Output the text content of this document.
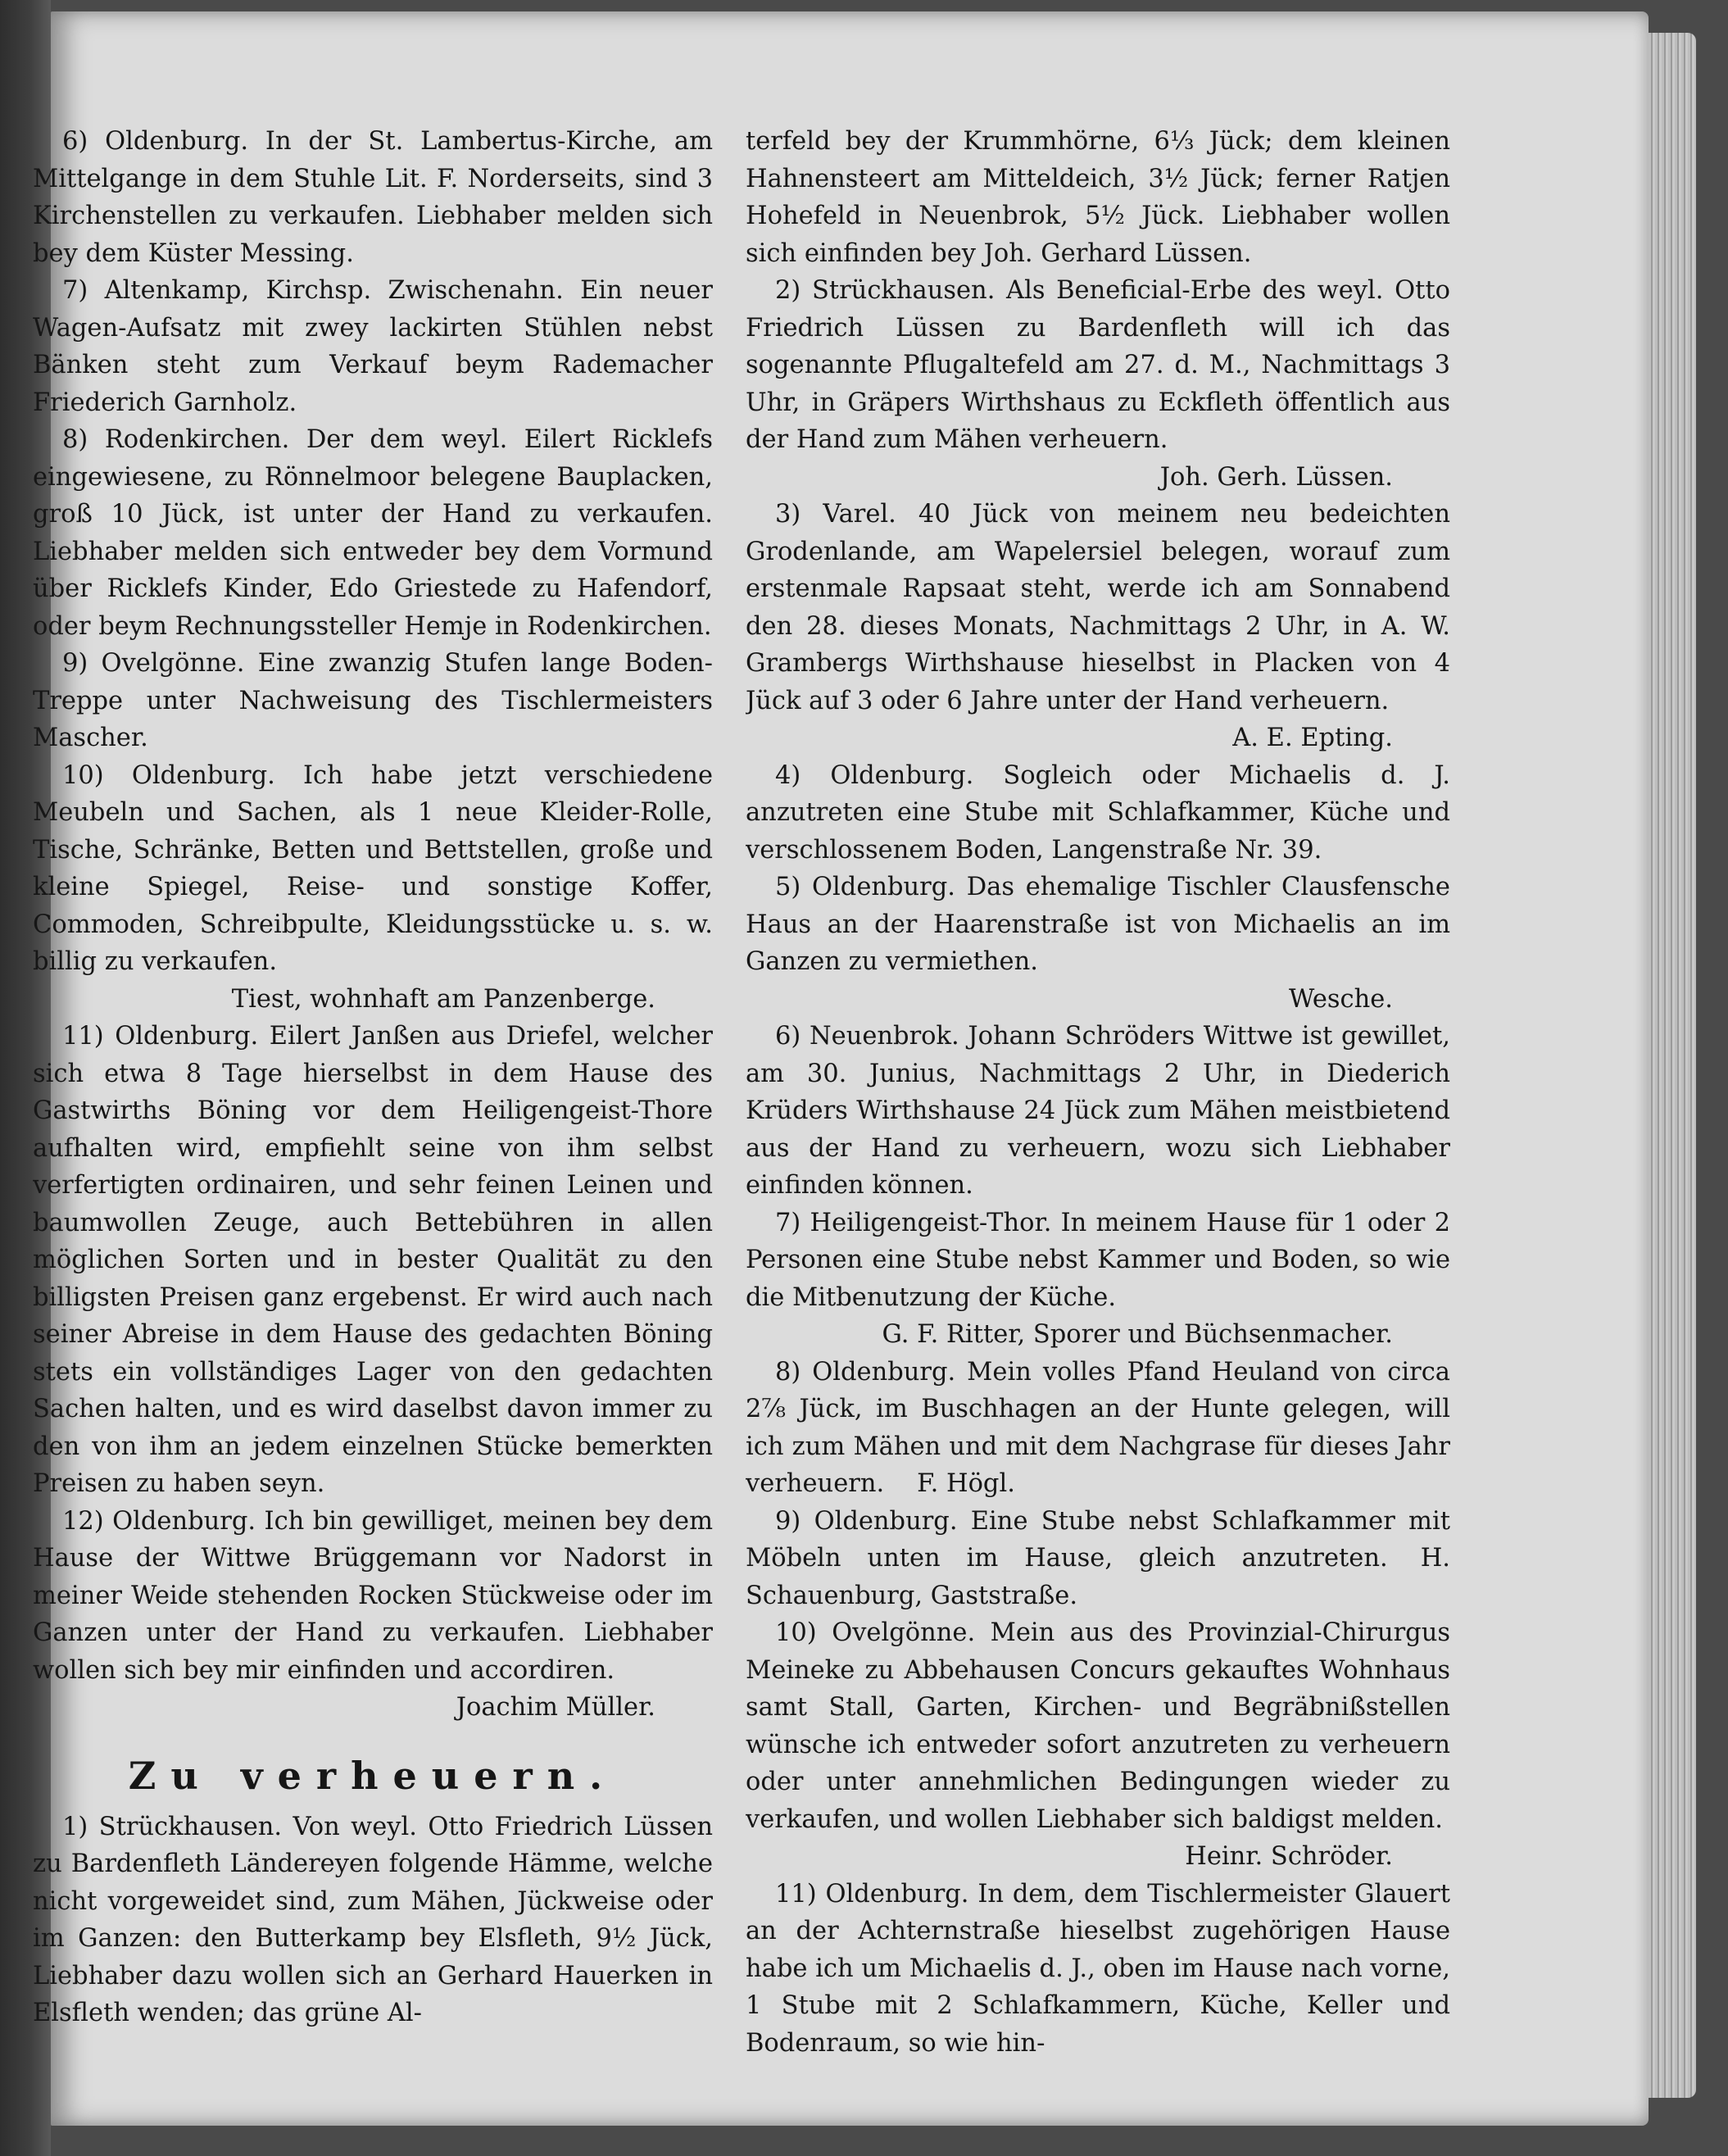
6) Oldenburg. In der St. Lambertus-Kirche, am Mittelgange in dem Stuhle Lit. F. Norderseits, sind 3 Kirchenstellen zu verkaufen. Liebhaber melden sich bey dem Küster Messing.

7) Altenkamp, Kirchsp. Zwischenahn. Ein neuer Wagen-Aufsatz mit zwey lackirten Stühlen nebst Bänken steht zum Verkauf beym Rademacher Friederich Garnholz.

8) Rodenkirchen. Der dem weyl. Eilert Ricklefs eingewiesene, zu Rönnelmoor belegene Bauplacken, groß 10 Jück, ist unter der Hand zu verkaufen. Liebhaber melden sich entweder bey dem Vormund über Ricklefs Kinder, Edo Griestede zu Hafendorf, oder beym Rechnungssteller Hemje in Rodenkirchen.

9) Ovelgönne. Eine zwanzig Stufen lange Boden-Treppe unter Nachweisung des Tischlermeisters Mascher.

10) Oldenburg. Ich habe jetzt verschiedene Meubeln und Sachen, als 1 neue Kleider-Rolle, Tische, Schränke, Betten und Bettstellen, große und kleine Spiegel, Reise- und sonstige Koffer, Commoden, Schreibpulte, Kleidungsstücke u. s. w. billig zu verkaufen.

Tiest, wohnhaft am Panzenberge.

11) Oldenburg. Eilert Janßen aus Driefel, welcher sich etwa 8 Tage hierselbst in dem Hause des Gastwirths Böning vor dem Heiligengeist-Thore aufhalten wird, empfiehlt seine von ihm selbst verfertigten ordinairen, und sehr feinen Leinen und baumwollen Zeuge, auch Bettebühren in allen möglichen Sorten und in bester Qualität zu den billigsten Preisen ganz ergebenst. Er wird auch nach seiner Abreise in dem Hause des gedachten Böning stets ein vollständiges Lager von den gedachten Sachen halten, und es wird daselbst davon immer zu den von ihm an jedem einzelnen Stücke bemerkten Preisen zu haben seyn.

12) Oldenburg. Ich bin gewilliget, meinen bey dem Hause der Wittwe Brüggemann vor Nadorst in meiner Weide stehenden Rocken Stückweise oder im Ganzen unter der Hand zu verkaufen. Liebhaber wollen sich bey mir einfinden und accordiren.

Joachim Müller.

Zu verheuern.

1) Strückhausen. Von weyl. Otto Friedrich Lüssen zu Bardenfleth Ländereyen folgende Hämme, welche nicht vorgeweidet sind, zum Mähen, Jückweise oder im Ganzen: den Butterkamp bey Elsfleth, 9½ Jück, Liebhaber dazu wollen sich an Gerhard Hauerken in Elsfleth wenden; das grüne Al-

terfeld bey der Krummhörne, 6⅓ Jück; dem kleinen Hahnensteert am Mitteldeich, 3½ Jück; ferner Ratjen Hohefeld in Neuenbrok, 5½ Jück. Liebhaber wollen sich einfinden bey Joh. Gerhard Lüssen.

2) Strückhausen. Als Beneficial-Erbe des weyl. Otto Friedrich Lüssen zu Bardenfleth will ich das sogenannte Pflugaltefeld am 27. d. M., Nachmittags 3 Uhr, in Gräpers Wirthshaus zu Eckfleth öffentlich aus der Hand zum Mähen verheuern.

Joh. Gerh. Lüssen.

3) Varel. 40 Jück von meinem neu bedeichten Grodenlande, am Wapelersiel belegen, worauf zum erstenmale Rapsaat steht, werde ich am Sonnabend den 28. dieses Monats, Nachmittags 2 Uhr, in A. W. Grambergs Wirthshause hieselbst in Placken von 4 Jück auf 3 oder 6 Jahre unter der Hand verheuern.

A. E. Epting.

4) Oldenburg. Sogleich oder Michaelis d. J. anzutreten eine Stube mit Schlafkammer, Küche und verschlossenem Boden, Langenstraße Nr. 39.

5) Oldenburg. Das ehemalige Tischler Clausfensche Haus an der Haarenstraße ist von Michaelis an im Ganzen zu vermiethen.

Wesche.

6) Neuenbrok. Johann Schröders Wittwe ist gewillet, am 30. Junius, Nachmittags 2 Uhr, in Diederich Krüders Wirthshause 24 Jück zum Mähen meistbietend aus der Hand zu verheuern, wozu sich Liebhaber einfinden können.

7) Heiligengeist-Thor. In meinem Hause für 1 oder 2 Personen eine Stube nebst Kammer und Boden, so wie die Mitbenutzung der Küche.

G. F. Ritter, Sporer und Büchsenmacher.

8) Oldenburg. Mein volles Pfand Heuland von circa 2⅞ Jück, im Buschhagen an der Hunte gelegen, will ich zum Mähen und mit dem Nachgrase für dieses Jahr verheuern. F. Högl.

9) Oldenburg. Eine Stube nebst Schlafkammer mit Möbeln unten im Hause, gleich anzutreten. H. Schauenburg, Gaststraße.

10) Ovelgönne. Mein aus des Provinzial-Chirurgus Meineke zu Abbehausen Concurs gekauftes Wohnhaus samt Stall, Garten, Kirchen- und Begräbnißstellen wünsche ich entweder sofort anzutreten zu verheuern oder unter annehmlichen Bedingungen wieder zu verkaufen, und wollen Liebhaber sich baldigst melden.

Heinr. Schröder.

11) Oldenburg. In dem, dem Tischlermeister Glauert an der Achternstraße hieselbst zugehörigen Hause habe ich um Michaelis d. J., oben im Hause nach vorne, 1 Stube mit 2 Schlafkammern, Küche, Keller und Bodenraum, so wie hin-
